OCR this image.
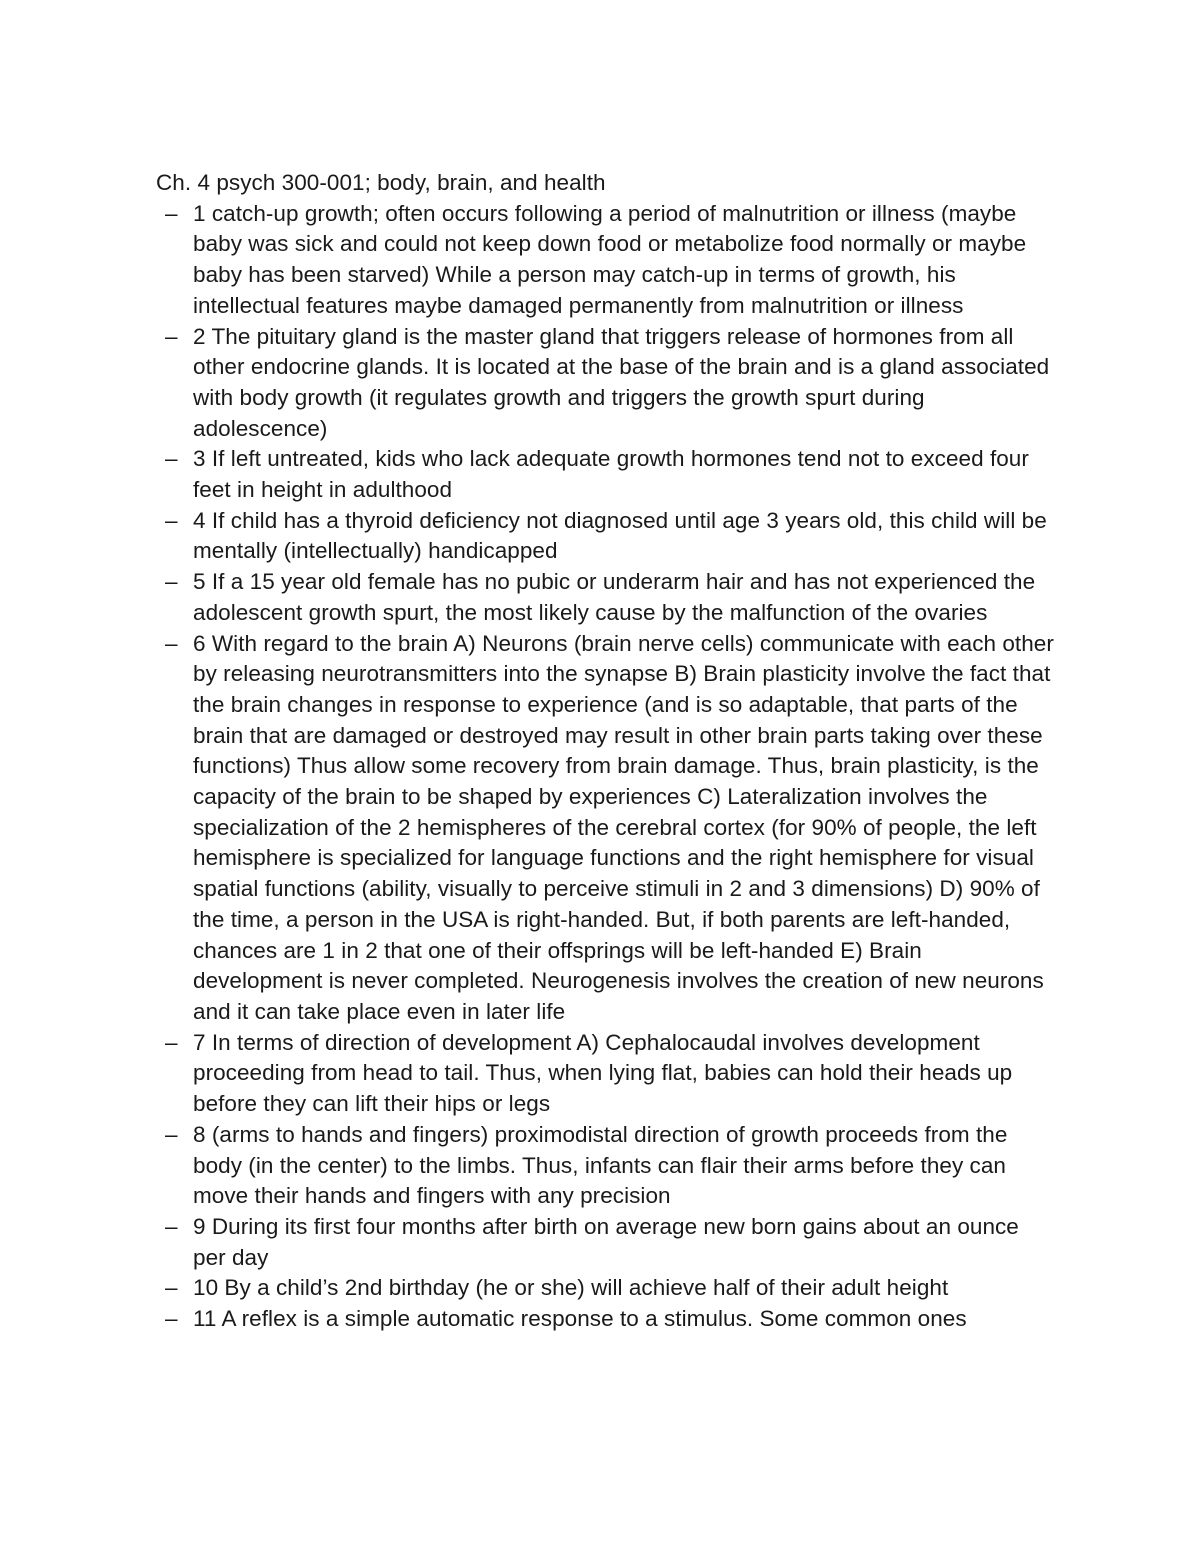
Ch. 4 psych 300-001; body, brain, and health
– 1 catch-up growth; often occurs following a period of malnutrition or illness (maybe baby was sick and could not keep down food or metabolize food normally or maybe baby has been starved) While a person may catch-up in terms of growth, his intellectual features maybe damaged permanently from malnutrition or illness
– 2 The pituitary gland is the master gland that triggers release of hormones from all other endocrine glands. It is located at the base of the brain and is a gland associated with body growth (it regulates growth and triggers the growth spurt during adolescence)
– 3 If left untreated, kids who lack adequate growth hormones tend not to exceed four feet in height in adulthood
– 4 If child has a thyroid deficiency not diagnosed until age 3 years old, this child will be mentally (intellectually) handicapped
– 5 If a 15 year old female has no pubic or underarm hair and has not experienced the adolescent growth spurt, the most likely cause by the malfunction of the ovaries
– 6 With regard to the brain A) Neurons (brain nerve cells) communicate with each other by releasing neurotransmitters into the synapse B) Brain plasticity involve the fact that the brain changes in response to experience (and is so adaptable, that parts of the brain that are damaged or destroyed may result in other brain parts taking over these functions) Thus allow some recovery from brain damage. Thus, brain plasticity, is the capacity of the brain to be shaped by experiences C) Lateralization involves the specialization of the 2 hemispheres of the cerebral cortex (for 90% of people, the left hemisphere is specialized for language functions and the right hemisphere for visual spatial functions (ability, visually to perceive stimuli in 2 and 3 dimensions) D) 90% of the time, a person in the USA is right-handed. But, if both parents are left-handed, chances are 1 in 2 that one of their offsprings will be left-handed E) Brain development is never completed. Neurogenesis involves the creation of new neurons and it can take place even in later life
– 7 In terms of direction of development A) Cephalocaudal involves development proceeding from head to tail. Thus, when lying flat, babies can hold their heads up before they can lift their hips or legs
– 8 (arms to hands and fingers) proximodistal direction of growth proceeds from the body (in the center) to the limbs. Thus, infants can flair their arms before they can move their hands and fingers with any precision
– 9 During its first four months after birth on average new born gains about an ounce per day
– 10 By a child’s 2nd birthday (he or she) will achieve half of their adult height
– 11 A reflex is a simple automatic response to a stimulus. Some common ones
